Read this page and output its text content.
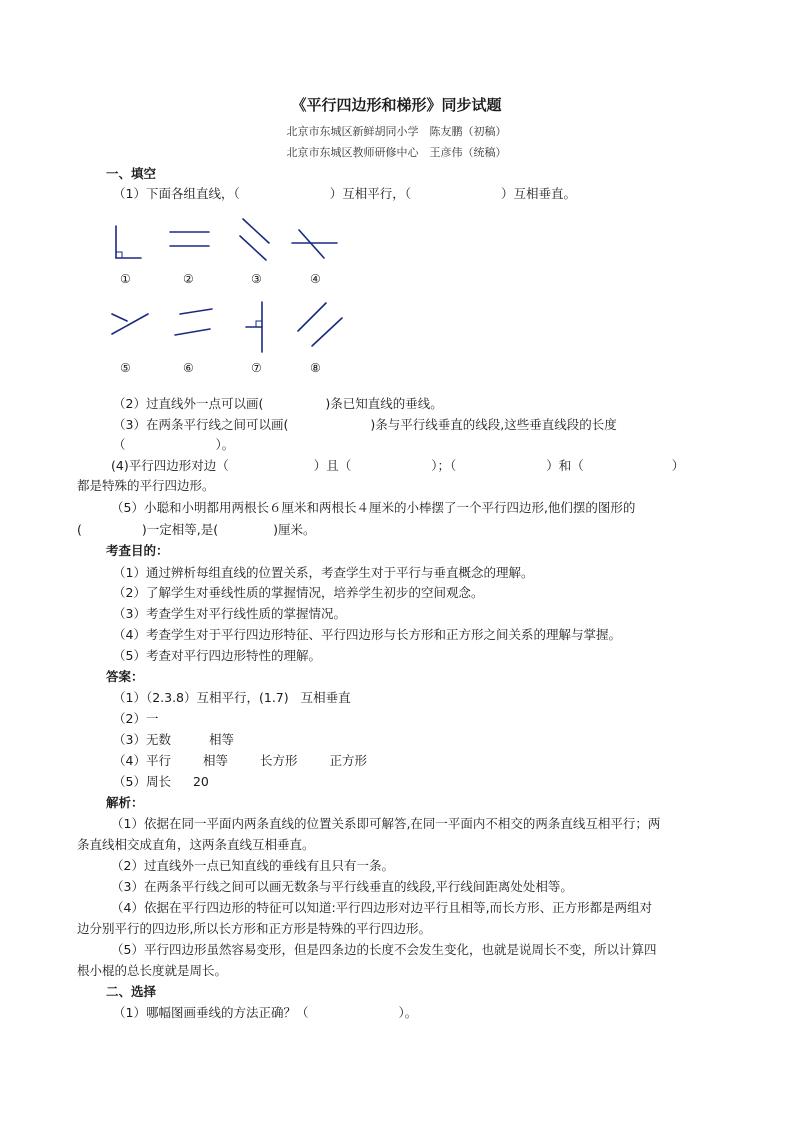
《平行四边形和梯形》同步试题
北京市东城区新鲜胡同小学　陈友鹏（初稿）
北京市东城区教师研修中心　王彦伟（统稿）
一、填空
（1）下面各组直线，（	）互相平行，（	）互相垂直。
①	②	③	④
⑤	⑥	⑦	⑧
（2）过直线外一点可以画(	)条已知直线的垂线。
（3）在两条平行线之间可以画(	)条与平行线垂直的线段,这些垂直线段的长度
（	）。
(4)平行四边形对边（	）且（	）；（	）和（	）
都是特殊的平行四边形。
（5）小聪和小明都用两根长６厘米和两根长４厘米的小棒摆了一个平行四边形,他们摆的图形的
(	)一定相等,是(	)厘米。
考查目的：
（1）通过辨析每组直线的位置关系，考查学生对于平行与垂直概念的理解。
（2）了解学生对垂线性质的掌握情况，培养学生初步的空间观念。
（3）考查学生对平行线性质的掌握情况。
（4）考查学生对于平行四边形特征、平行四边形与长方形和正方形之间关系的理解与掌握。
（5）考查对平行四边形特性的理解。
答案：
（1）（2.3.8）互相平行，(1.7) 互相垂直
（2）一
（3）无数	相等
（4）平行	相等	长方形	正方形
（5）周长 20
解析：
（1）依据在同一平面内两条直线的位置关系即可解答,在同一平面内不相交的两条直线互相平行；两
条直线相交成直角，这两条直线互相垂直。
（2）过直线外一点已知直线的垂线有且只有一条。
（3）在两条平行线之间可以画无数条与平行线垂直的线段,平行线间距离处处相等。
（4）依据在平行四边形的特征可以知道:平行四边形对边平行且相等,而长方形、正方形都是两组对
边分别平行的四边形,所以长方形和正方形是特殊的平行四边形。
（5）平行四边形虽然容易变形，但是四条边的长度不会发生变化，也就是说周长不变，所以计算四
根小棍的总长度就是周长。
二、选择
（1）哪幅图画垂线的方法正确？（	）。
